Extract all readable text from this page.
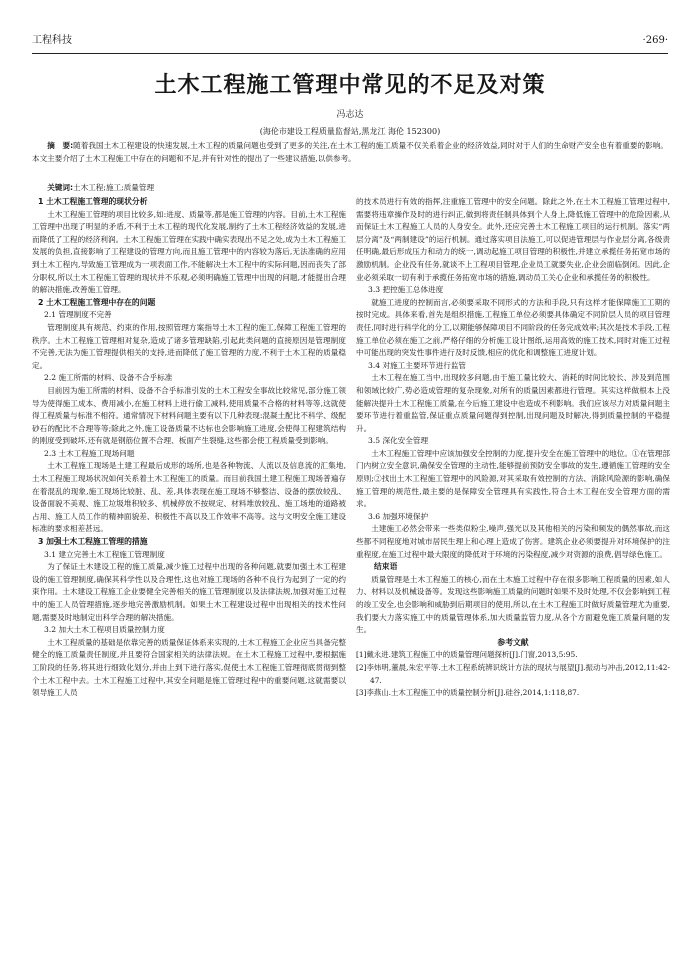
工程科技	·269·
土木工程施工管理中常见的不足及对策
冯志达
(海伦市建设工程质量监督站,黑龙江 海伦 152300)
摘　要:随着我国土木工程建设的快速发展,土木工程的质量问题也受到了更多的关注,在土木工程的施工质量不仅关系着企业的经济效益,同时对于人们的生命财产安全也有着重要的影响。本文主要介绍了土木工程施工中存在的问题和不足,并有针对性的提出了一些建议措施,以供参考。
关键词:土木工程;施工;质量管理
1 土木工程施工管理的现状分析

土木工程施工管理的项目比较多,如:进度、质量等,都是施工管理的内容。目前,土木工程施工管理中出现了明显的矛盾,不利于土木工程的现代化发展,制约了土木工程经济效益的发展,进而降低了工程的经济利润。土木工程施工管理在实践中确实表现出不足之处,成为土木工程施工发展的负担,直接影响了工程建设的管理方向,而且施工管理中的内容较为落后,无法准确的应用到土木工程内,导致施工管理成为一项表面工作,不能解决土木工程中的实际问题,因而丧失了部分职权,所以土木工程施工管理的现状并不乐观,必须明确施工管理中出现的问题,才能提出合理的解决措施,改善施工管理。

2 土木工程施工管理中存在的问题
2.1 管理制度不完善

管理制度具有规范、约束的作用,按照管理方案指导土木工程的施工,保障工程施工管理的秩序。土木工程施工管理相对复杂,造成了诸多管理缺陷,引起此类问题的直接原因是管理制度不完善,无法为施工管理提供相关的支持,进而降低了施工管理的力度,不利于土木工程的质量稳定。

2.2 施工所需的材料、设备不合乎标准

目前因为施工所需的材料、设备不合乎标准引发的土木工程安全事故比较常见,部分施工领导为使得施工成本、费用减小,在施工材料上进行偷工减料,使用质量不合格的材料等等,这就使得工程质量与标准不相符。通常情况下材料问题主要有以下几种表现:混凝土配比不科学、级配砂石的配比不合理等等;除此之外,施工设备质量不达标也会影响施工进度,会使得工程建筑结构的刚度受到破坏,还有就是钢筋位置不合理、板面产生裂缝,这些都会使工程质量受到影响。

2.3 土木工程施工现场问题

土木工程施工现场是土建工程最后成形的场所,也是各种物流、人流以及信息流的汇集地,土木工程施工现场状况如何关系着土木工程施工的质量。而目前我国土建工程施工现场普遍存在着混乱的现象,施工现场比较脏、乱、差,具体表现在施工现场不够整洁、设备的摆放较乱、设备面貌不美观、施工垃圾堆积较多、机械停放不按规定、材料堆放较乱、施工场地的道路被占用、施工人员工作的精神面貌差、积极性不高以及工作效率不高等。这与文明安全施工建设标准的要求相差甚远。

3 加强土木工程施工管理的措施
3.1 建立完善土木工程施工管理制度

为了保证土木建设工程的施工质量,减少施工过程中出现的各种问题,就要加强土木工程建设的施工管理制度,确保其科学性以及合理性,这也对施工现场的各种不良行为起到了一定的约束作用。土木建设工程施工企业要健全完善相关的施工管理制度以及法律法规,加强对施工过程中的施工人员管理措施,逐步地完善激励机制。如果土木工程建设过程中出现相关的技术性问题,需要及时地制定出科学合理的解决措施。

3.2 加大土木工程项目质量控制力度

土木工程质量的基础是依靠完善的质量保证体系来实现的,土木工程施工企业应当具备完整健全的施工质量责任制度,并且要符合国家相关的法律法规。在土木工程施工过程中,要根据施工阶段的任务,将其进行细致化划分,并由上到下进行落实,促使土木工程施工管理彻底贯彻到整个土木工程中去。土木工程施工过程中,其安全问题是施工管理过程中的重要问题,这就需要以领导施工人员

的技术员进行有效的指挥,注重施工管理中的安全问题。除此之外,在土木工程施工管理过程中,需要将违章操作及时的进行纠正,做到将责任制具体到个人身上,降低施工管理中的危险因素,从而保证土木工程施工人员的人身安全。此外,还应完善土木工程施工项目的运行机制。落实“两层分离”及“两制建设”的运行机制。通过落实项目法施工,可以促进管理层与作业层分离,各级责任明确,最后形成压力和动力的统一,调动起施工项目管理的积极性,并建立承揽任务拓宽市场的激励机制。企业没有任务,就谈不上工程项目管理,企业员工就要失业,企业会面临倒闭。因此,企业必须采取一切有利于承揽任务拓宽市场的措施,调动员工关心企业和承揽任务的积极性。

3.3 把控施工总体进度

就施工进度的控制而言,必须要采取不同形式的方法和手段,只有这样才能保障施工工期的按时完成。具体来看,首先是组织措施,工程施工单位必须要具体确定不同阶层人员的项目管理责任,同时进行科学化的分工,以期能够保障项目不同阶段的任务完成效率;其次是技术手段,工程施工单位必须在施工之前,严格仔细的分析施工设计图纸,运用高效的施工技术,同时对施工过程中可能出现的突发性事件进行及时反馈,相应的优化和调整施工进度计划。

3.4 对施工主要环节进行监管

土木工程在施工当中,出现较多问题,由于施工量比较大、消耗的时间比较长、涉及到范围和领域比较广,势必造成管理的复杂现象,对所有的质量因素都进行管理。其实这样做根本上没能解决提升土木工程施工质量,在今后施工建设中也造成不利影响。我们应该尽力对质量问题主要环节进行着重监管,保证重点质量问题得到控制,出现问题及时解决,得到质量控制的平稳提升。

3.5 深化安全管理

土木工程施工管理中应该加强安全控制的力度,提升安全在施工管理中的地位。①在管理部门内树立安全意识,确保安全管理的主动性,能够提前预防安全事故的发生,遵循施工管理的安全原则;②找出土木工程施工管理中的风险源,对其采取有效控制的方法、消除风险源的影响,确保施工管理的规范性,最主要的是保障安全管理具有实践性,符合土木工程在安全管理方面的需求。

3.6 加强环境保护

土建施工必然会带来一些类似粉尘,噪声,强光以及其他相关的污染和频发的偶然事故,而这些都不同程度地对城市居民生理上和心理上造成了伤害。建筑企业必须要提升对环境保护的注重程度,在施工过程中最大限度的降低对于环境的污染程度,减少对资源的浪费,倡导绿色施工。

结束语

质量管理是土木工程施工的核心,而在土木施工过程中存在很多影响工程质量的因素,如人力、材料以及机械设备等。发现这些影响施工质量的问题时如果不及时处理,不仅会影响到工程的竣工安全,也会影响和威胁到后期项目的使用,所以,在土木工程施工时做好质量管理尤为重要,我们要大力落实施工中的质量管理体系,加大质量监管力度,从各个方面避免施工质量问题的发生。

参考文献

[1]戴永进.建筑工程施工中的质量管理问题探析[J].门窗,2013,5:95.

[2]李炜明,董晨,朱宏平等.土木工程系统辨识统计方法的现状与展望[J].振动与冲击,2012,11:42-47.

[3]李燕山.土木工程施工中的质量控制分析[J].硅谷,2014,1:118,87.
